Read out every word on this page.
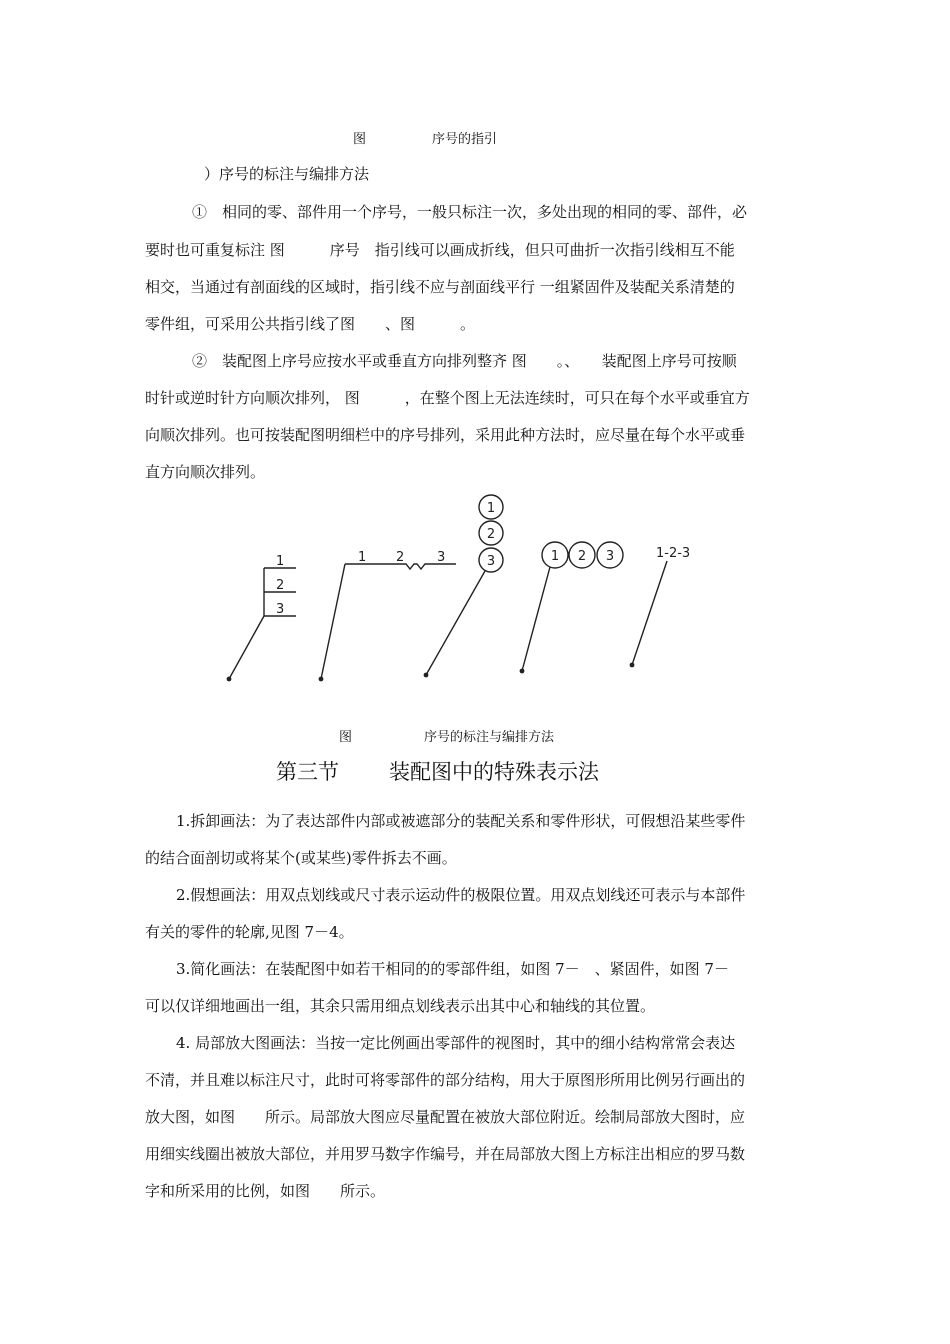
图	序号的指引
）序号的标注与编排方法
①　相同的零、部件用一个序号，一般只标注一次，多处出现的相同的零、部件，必
要时也可重复标注 图　　　序号　指引线可以画成折线，但只可曲折一次指引线相互不能
相交，当通过有剖面线的区域时，指引线不应与剖面线平行 一组紧固件及装配关系清楚的
零件组，可采用公共指引线了图　　、图　　　。
②　装配图上序号应按水平或垂直方向排列整齐 图　　。、　　装配图上序号可按顺
时针或逆时针方向顺次排列， 图　　　，在整个图上无法连续时，可只在每个水平或垂宜方
向顺次排列。也可按装配图明细栏中的序号排列，采用此种方法时，应尽量在每个水平或垂
直方向顺次排列。
1
2
3
1 2	3
1
2
3	1 2 3	1-2-3
图	序号的标注与编排方法
第三节 装配图中的特殊表示法
1.拆卸画法：为了表达部件内部或被遮部分的装配关系和零件形状，可假想沿某些零件
的结合面剖切或将某个(或某些)零件拆去不画。
2.假想画法：用双点划线或尺寸表示运动件的极限位置。用双点划线还可表示与本部件
有关的零件的轮廓,见图 7－4。
3.简化画法：在装配图中如若干相同的的零部件组，如图 7－　、紧固件，如图 7－
可以仅详细地画出一组，其余只需用细点划线表示出其中心和轴线的其位置。
4. 局部放大图画法：当按一定比例画出零部件的视图时，其中的细小结构常常会表达
不清，并且难以标注尺寸，此时可将零部件的部分结构，用大于原图形所用比例另行画出的
放大图，如图　　所示。局部放大图应尽量配置在被放大部位附近。绘制局部放大图时，应
用细实线圈出被放大部位，并用罗马数字作编号，并在局部放大图上方标注出相应的罗马数
字和所采用的比例，如图　　所示。
